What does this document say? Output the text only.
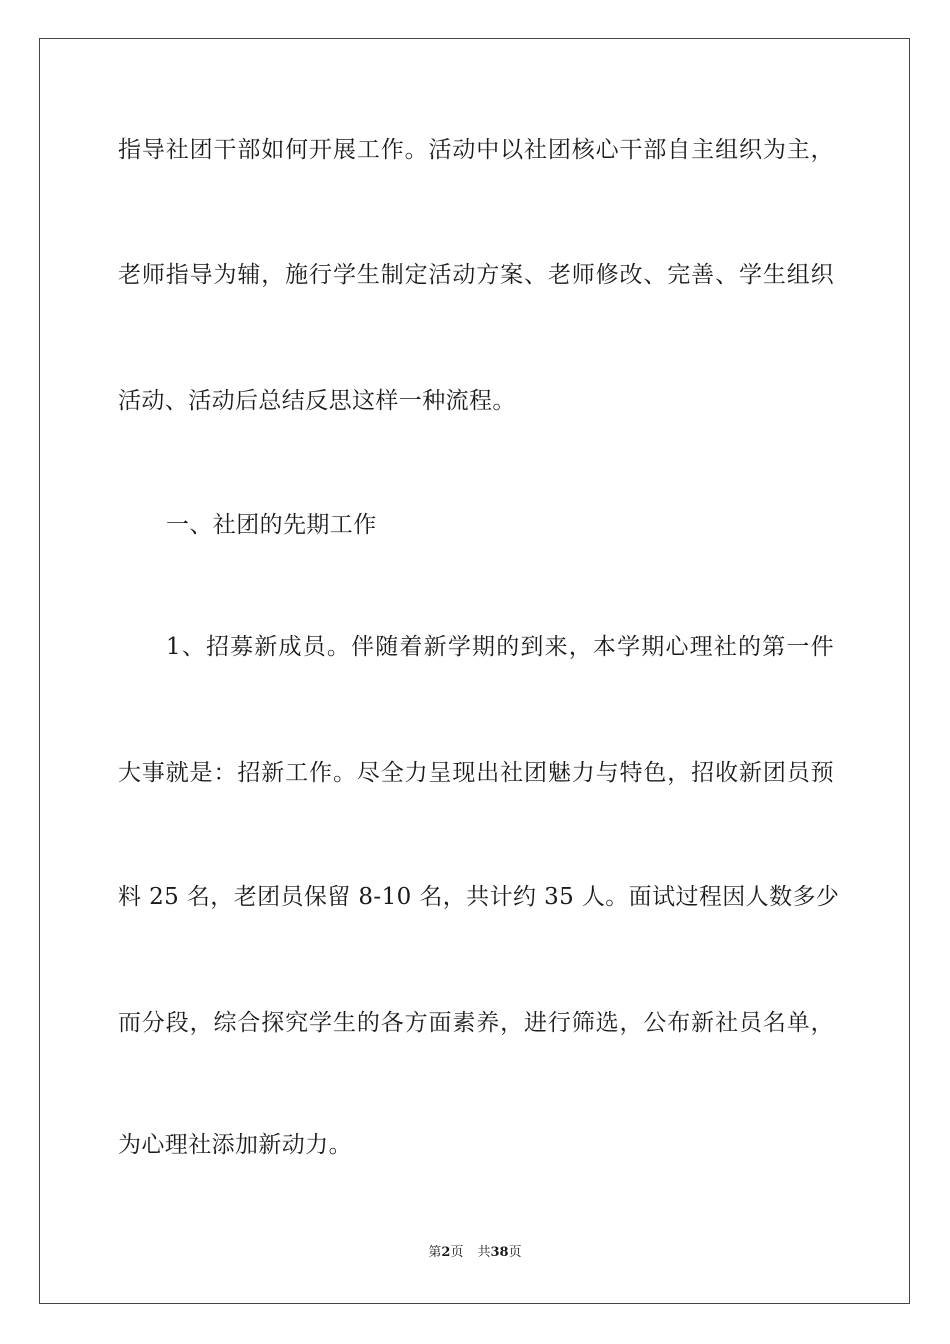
指导社团干部如何开展工作。活动中以社团核心干部自主组织为主，
老师指导为辅，施行学生制定活动方案、老师修改、完善、学生组织
活动、活动后总结反思这样一种流程。
一、社团的先期工作
1、招募新成员。伴随着新学期的到来，本学期心理社的第一件
大事就是：招新工作。尽全力呈现出社团魅力与特色，招收新团员预
料 25 名，老团员保留 8-10 名，共计约 35 人。面试过程因人数多少
而分段，综合探究学生的各方面素养，进行筛选，公布新社员名单，
为心理社添加新动力。
第2页 共38页
